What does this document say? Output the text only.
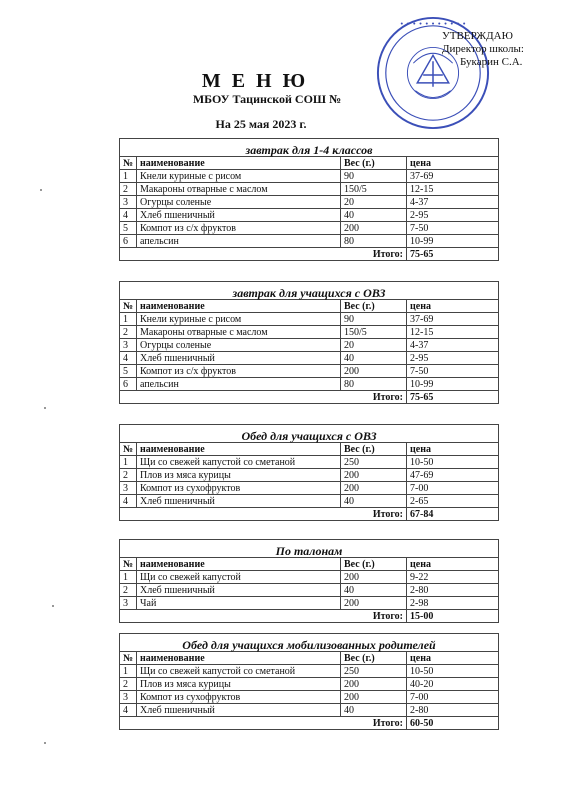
• • • • • • • • • • •
УТВЕРЖДАЮ
Директор школы:
Букарин С.А.
М Е Н Ю
МБОУ Тацинской СОШ №
На 25 мая 2023 г.
завтрак для 1-4 классов
№	наименование	Вес (г.)	цена
1	Кнели куриные с рисом	90	37-69
2	Макароны отварные с маслом	150/5	12-15
3	Огурцы соленые	20	4-37
4	Хлеб пшеничный	40	2-95
5	Компот из с/х фруктов	200	7-50
6	апельсин	80	10-99
Итого:			75-65
завтрак для учащихся с ОВЗ
№	наименование	Вес (г.)	цена
1	Кнели куриные с рисом	90	37-69
2	Макароны отварные с маслом	150/5	12-15
3	Огурцы соленые	20	4-37
4	Хлеб пшеничный	40	2-95
5	Компот из с/х фруктов	200	7-50
6	апельсин	80	10-99
Итого:			75-65
Обед для учащихся с ОВЗ
№	наименование	Вес (г.)	цена
1	Щи со свежей капустой со сметаной	250	10-50
2	Плов из мяса курицы	200	47-69
3	Компот из сухофруктов	200	7-00
4	Хлеб пшеничный	40	2-65
Итого:			67-84
По талонам
№	наименование	Вес (г.)	цена
1	Щи со свежей капустой	200	9-22
2	Хлеб пшеничный	40	2-80
3	Чай	200	2-98
Итого:			15-00
Обед для учащихся мобилизованных родителей
№	наименование	Вес (г.)	цена
1	Щи со свежей капустой со сметаной	250	10-50
2	Плов из мяса курицы	200	40-20
3	Компот из сухофруктов	200	7-00
4	Хлеб пшеничный	40	2-80
Итого:			60-50
